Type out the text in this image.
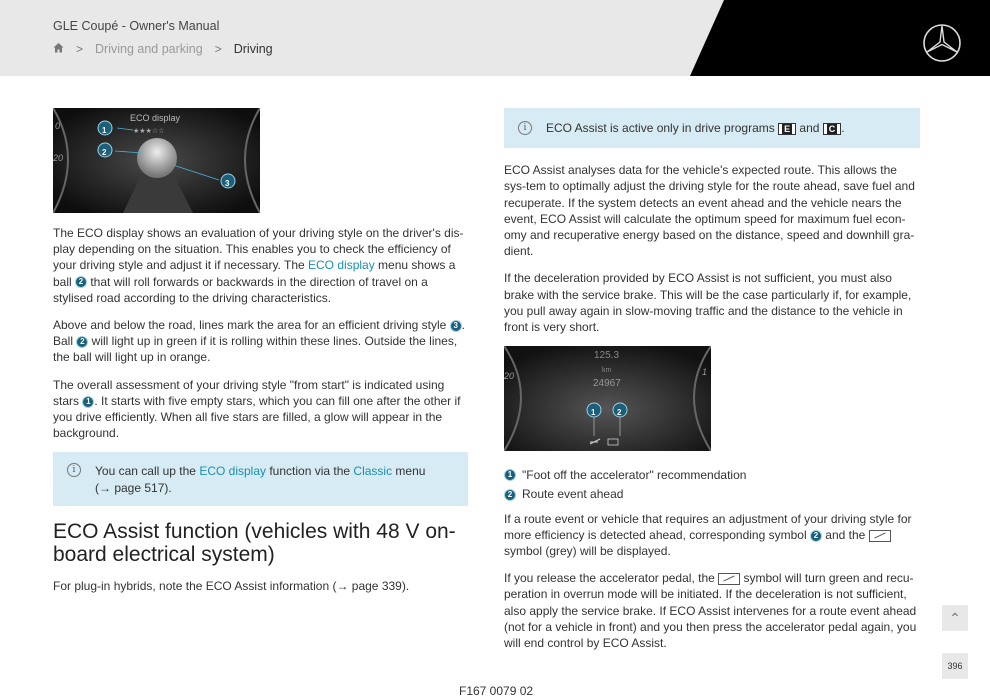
GLE Coupé - Owner's Manual
> Driving and parking > Driving
★★★☆☆
ECO display
1
2
3
0
20

The ECO display shows an evaluation of your driving style on the driver's dis-play depending on the situation. This enables you to check the efficiency of your driving style and adjust it if necessary. The ECO display menu shows a ball 2 that will roll forwards or backwards in the direction of travel on a stylised road according to the driving characteristics.

Above and below the road, lines mark the area for an efficient driving style 3 . Ball 2 will light up in green if it is rolling within these lines. Outside the lines, the ball will light up in orange.

The overall assessment of your driving style "from start" is indicated using stars 1 . It starts with five empty stars, which you can fill one after the other if you drive efficiently. When all five stars are filled, a glow will appear in the background.

i	You can call up the ECO display function via the Classic menu
(→ page 517).
ECO Assist function (vehicles with 48 V on-board electrical system)

For plug-in hybrids, note the ECO Assist information (→ page 339).

i	ECO Assist is active only in drive programs E and C .

ECO Assist analyses data for the vehicle's expected route. This allows the sys-tem to optimally adjust the driving style for the route ahead, save fuel and recuperate. If the system detects an event ahead and the vehicle nears the event, ECO Assist will calculate the optimum speed for maximum fuel econ-omy and recuperative energy based on the distance, speed and downhill gra-dient.

If the deceleration provided by ECO Assist is not sufficient, you must also brake with the service brake. This will be the case particularly if, for example, you pull away again in slow-moving traffic and the distance to the vehicle in front is very short.

125.3
km
24967
1	2
20	1
1 "Foot off the accelerator" recommendation
2 Route event ahead

If a route event or vehicle that requires an adjustment of your driving style for more efficiency is detected ahead, corresponding symbol 2 and the
symbol (grey) will be displayed.

If you release the accelerator pedal, the  symbol will turn green and recu-peration in overrun mode will be initiated. If the deceleration is not sufficient, also apply the service brake. If ECO Assist intervenes for a route event ahead (not for a vehicle in front) and you then press the accelerator pedal again, you will end control by ECO Assist.

⌃
396
F167 0079 02
